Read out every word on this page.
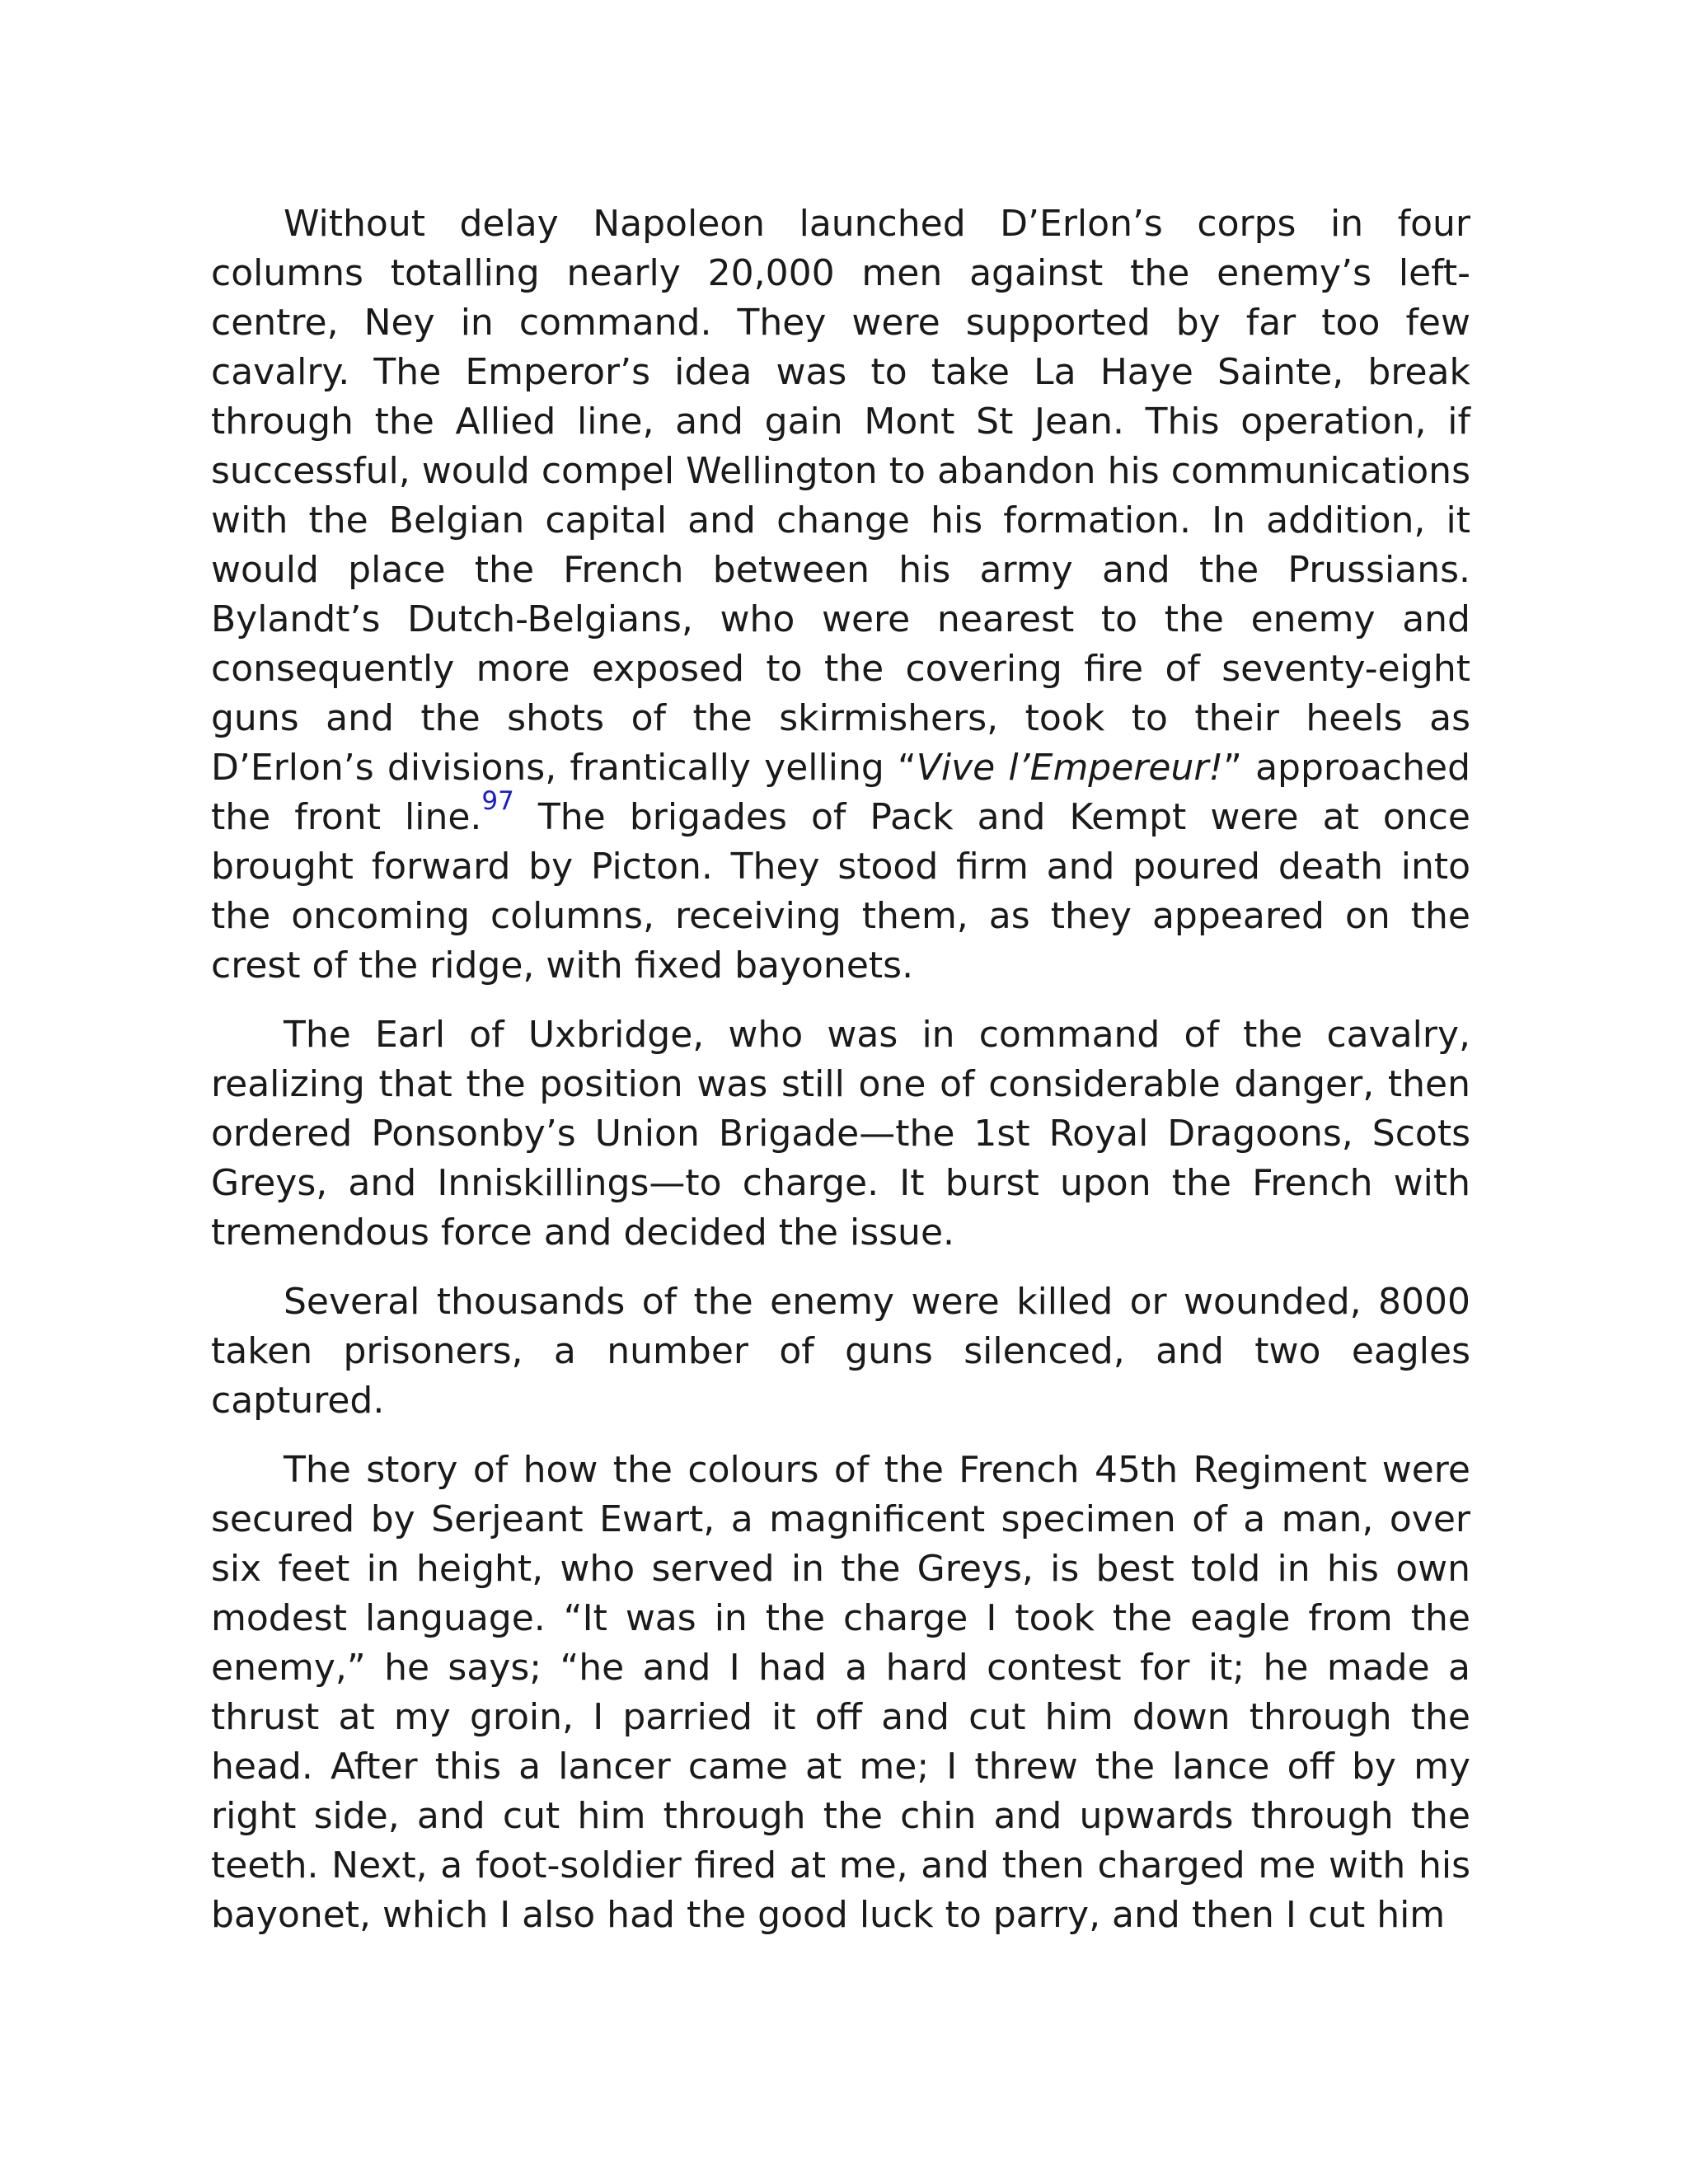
Without delay Napoleon launched D’Erlon’s corps in four columns totalling nearly 20,000 men against the enemy’s left-centre, Ney in command. They were supported by far too few cavalry. The Emperor’s idea was to take La Haye Sainte, break through the Allied line, and gain Mont St Jean. This operation, if successful, would compel Wellington to abandon his communications with the Belgian capital and change his formation. In addition, it would place the French between his army and the Prussians. Bylandt’s Dutch-Belgians, who were nearest to the enemy and consequently more exposed to the covering fire of seventy-eight guns and the shots of the skirmishers, took to their heels as D’Erlon’s divisions, frantically yelling “Vive l’Empereur!” approached the front line.$^{97}$ The brigades of Pack and Kempt were at once brought forward by Picton. They stood firm and poured death into the oncoming columns, receiving them, as they appeared on the crest of the ridge, with fixed bayonets.

The Earl of Uxbridge, who was in command of the cavalry, realizing that the position was still one of considerable danger, then ordered Ponsonby’s Union Brigade—the 1st Royal Dragoons, Scots Greys, and Inniskillings—to charge. It burst upon the French with tremendous force and decided the issue.

Several thousands of the enemy were killed or wounded, 8000 taken prisoners, a number of guns silenced, and two eagles captured.

The story of how the colours of the French 45th Regiment were secured by Serjeant Ewart, a magnificent specimen of a man, over six feet in height, who served in the Greys, is best told in his own modest language. “It was in the charge I took the eagle from the enemy,” he says; “he and I had a hard contest for it; he made a thrust at my groin, I parried it off and cut him down through the head. After this a lancer came at me; I threw the lance off by my right side, and cut him through the chin and upwards through the teeth. Next, a foot-soldier fired at me, and then charged me with his bayonet, which I also had the good luck to parry, and then I cut him
